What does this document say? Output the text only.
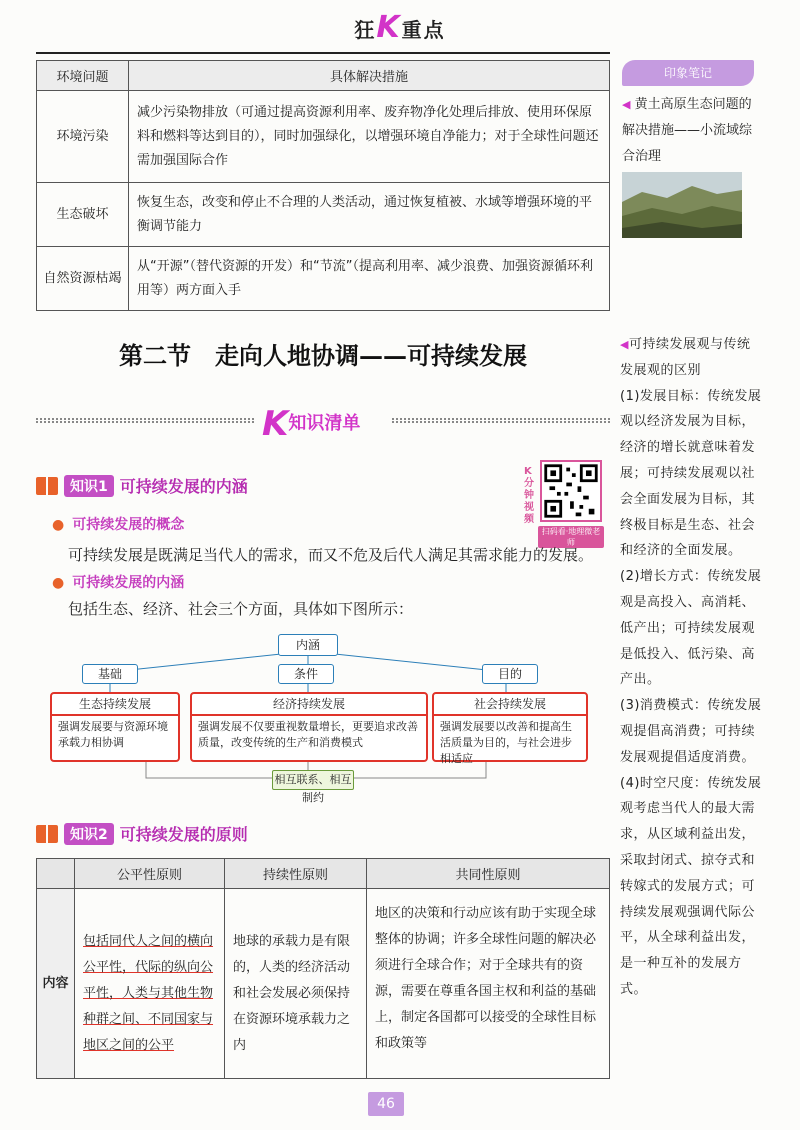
狂K重点
环境问题	具体解决措施
环境污染	减少污染物排放（可通过提高资源利用率、废弃物净化处理后排放、使用环保原料和燃料等达到目的），同时加强绿化，以增强环境自净能力；对于全球性问题还需加强国际合作
生态破坏	恢复生态，改变和停止不合理的人类活动，通过恢复植被、水域等增强环境的平衡调节能力
自然资源枯竭	从“开源”（替代资源的开发）和“节流”（提高利用率、减少浪费、加强资源循环利用等）两方面入手
印象笔记
◀ 黄土高原生态问题的解决措施——小流域综合治理
第二节　走向人地协调——可持续发展
K知识清单
知识1 可持续发展的内涵
K分钟视频
扫码看·地理微老师
● 可持续发展的概念
可持续发展是既满足当代人的需求，而又不危及后代人满足其需求能力的发展。
● 可持续发展的内涵
包括生态、经济、社会三个方面，具体如下图所示：
内涵
基础	条件	目的
生态持续发展
强调发展要与资源环境承载力相协调
经济持续发展
强调发展不仅要重视数量增长，更要追求改善质量，改变传统的生产和消费模式
社会持续发展
强调发展要以改善和提高生活质量为目的，与社会进步相适应
相互联系、相互制约
知识2 可持续发展的原则
	公平性原则	持续性原则	共同性原则
内容	包括同代人之间的横向公平性，代际的纵向公平性，人类与其他生物种群之间、不同国家与地区之间的公平	地球的承载力是有限的，人类的经济活动和社会发展必须保持在资源环境承载力之内	地区的决策和行动应该有助于实现全球整体的协调；许多全球性问题的解决必须进行全球合作；对于全球共有的资源，需要在尊重各国主权和利益的基础上，制定各国都可以接受的全球性目标和政策等
◀可持续发展观与传统发展观的区别
(1)发展目标：传统发展观以经济发展为目标，经济的增长就意味着发展；可持续发展观以社会全面发展为目标，其终极目标是生态、社会和经济的全面发展。
(2)增长方式：传统发展观是高投入、高消耗、低产出；可持续发展观是低投入、低污染、高产出。
(3)消费模式：传统发展观提倡高消费；可持续发展观提倡适度消费。
(4)时空尺度：传统发展观考虑当代人的最大需求，从区域利益出发，采取封闭式、掠夺式和转嫁式的发展方式；可持续发展观强调代际公平，从全球利益出发，是一种互补的发展方式。
46
